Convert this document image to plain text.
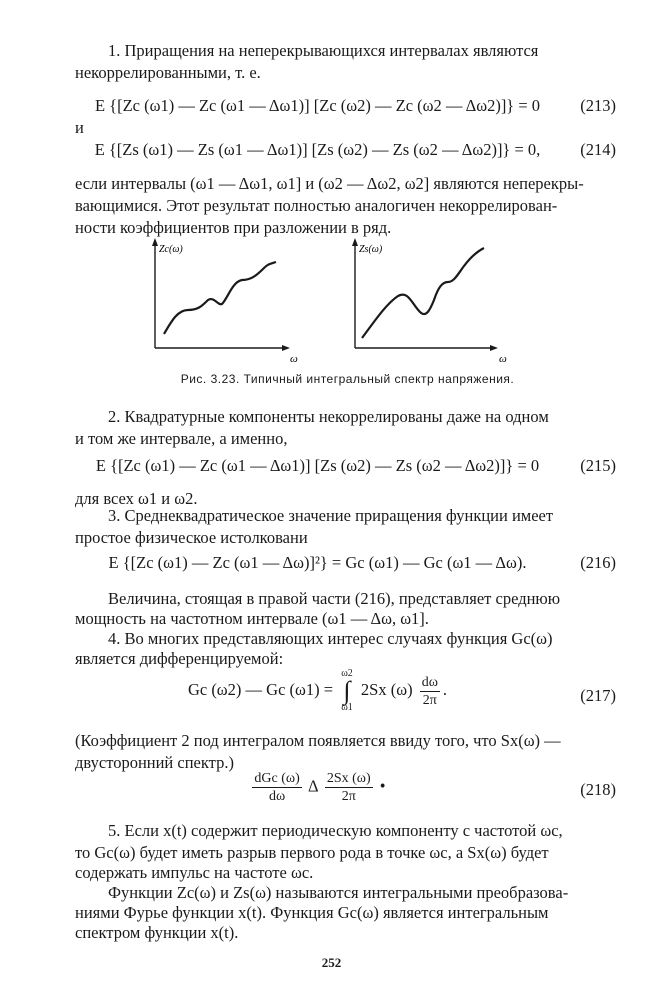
1. Приращения на неперекрывающихся интервалах являются

некоррелированными, т. е.

E {[Zc (ω1) — Zc (ω1 — Δω1)] [Zc (ω2) — Zc (ω2 — Δω2)]} = 0	(213)
и
E {[Zs (ω1) — Zs (ω1 — Δω1)] [Zs (ω2) — Zs (ω2 — Δω2)]} = 0,	(214)

если интервалы (ω1 — Δω1, ω1] и (ω2 — Δω2, ω2] являются неперекры-

вающимися. Этот результат полностью аналогичен некоррелирован-

ности коэффициентов при разложении в ряд.

Zc(ω)
ω
Zs(ω)
ω
Рис. 3.23. Типичный интегральный спектр напряжения.

2. Квадратурные компоненты некоррелированы даже на одном

и том же интервале, а именно,

E {[Zc (ω1) — Zc (ω1 — Δω1)] [Zs (ω2) — Zs (ω2 — Δω2)]} = 0	(215)

для всех ω1 и ω2.

3. Среднеквадратическое значение приращения функции имеет

простое физическое истолковани

E {[Zc (ω1) — Zc (ω1 — Δω)]²} = Gc (ω1) — Gc (ω1 — Δω).	(216)

Величина, стоящая в правой части (216), представляет среднюю

мощность на частотном интервале (ω1 — Δω, ω1].

4. Во многих представляющих интерес случаях функция Gc(ω)

является дифференцируемой:

Gc (ω2) — Gc (ω1) =
ω2
∫
ω1
2Sx $(\omega) \frac{d\omega}{2\pi}$ .	(217)

(Коэффициент 2 под интегралом появляется ввиду того, что Sx(ω) —

двусторонний спектр.)

$\frac{\text{dGc (ω)}}{d\omega}$ Δ $\frac{2Sx (\omega)}{2\pi}$ •	(218)

5. Если x(t) содержит периодическую компоненту с частотой ωc,

то Gc(ω) будет иметь разрыв первого рода в точке ωc, а Sx(ω) будет

содержать импульс на частоте ωc.

Функции Zc(ω) и Zs(ω) называются интегральными преобразова-

ниями Фурье функции x(t). Функция Gc(ω) является интегральным

спектром функции x(t).

252
